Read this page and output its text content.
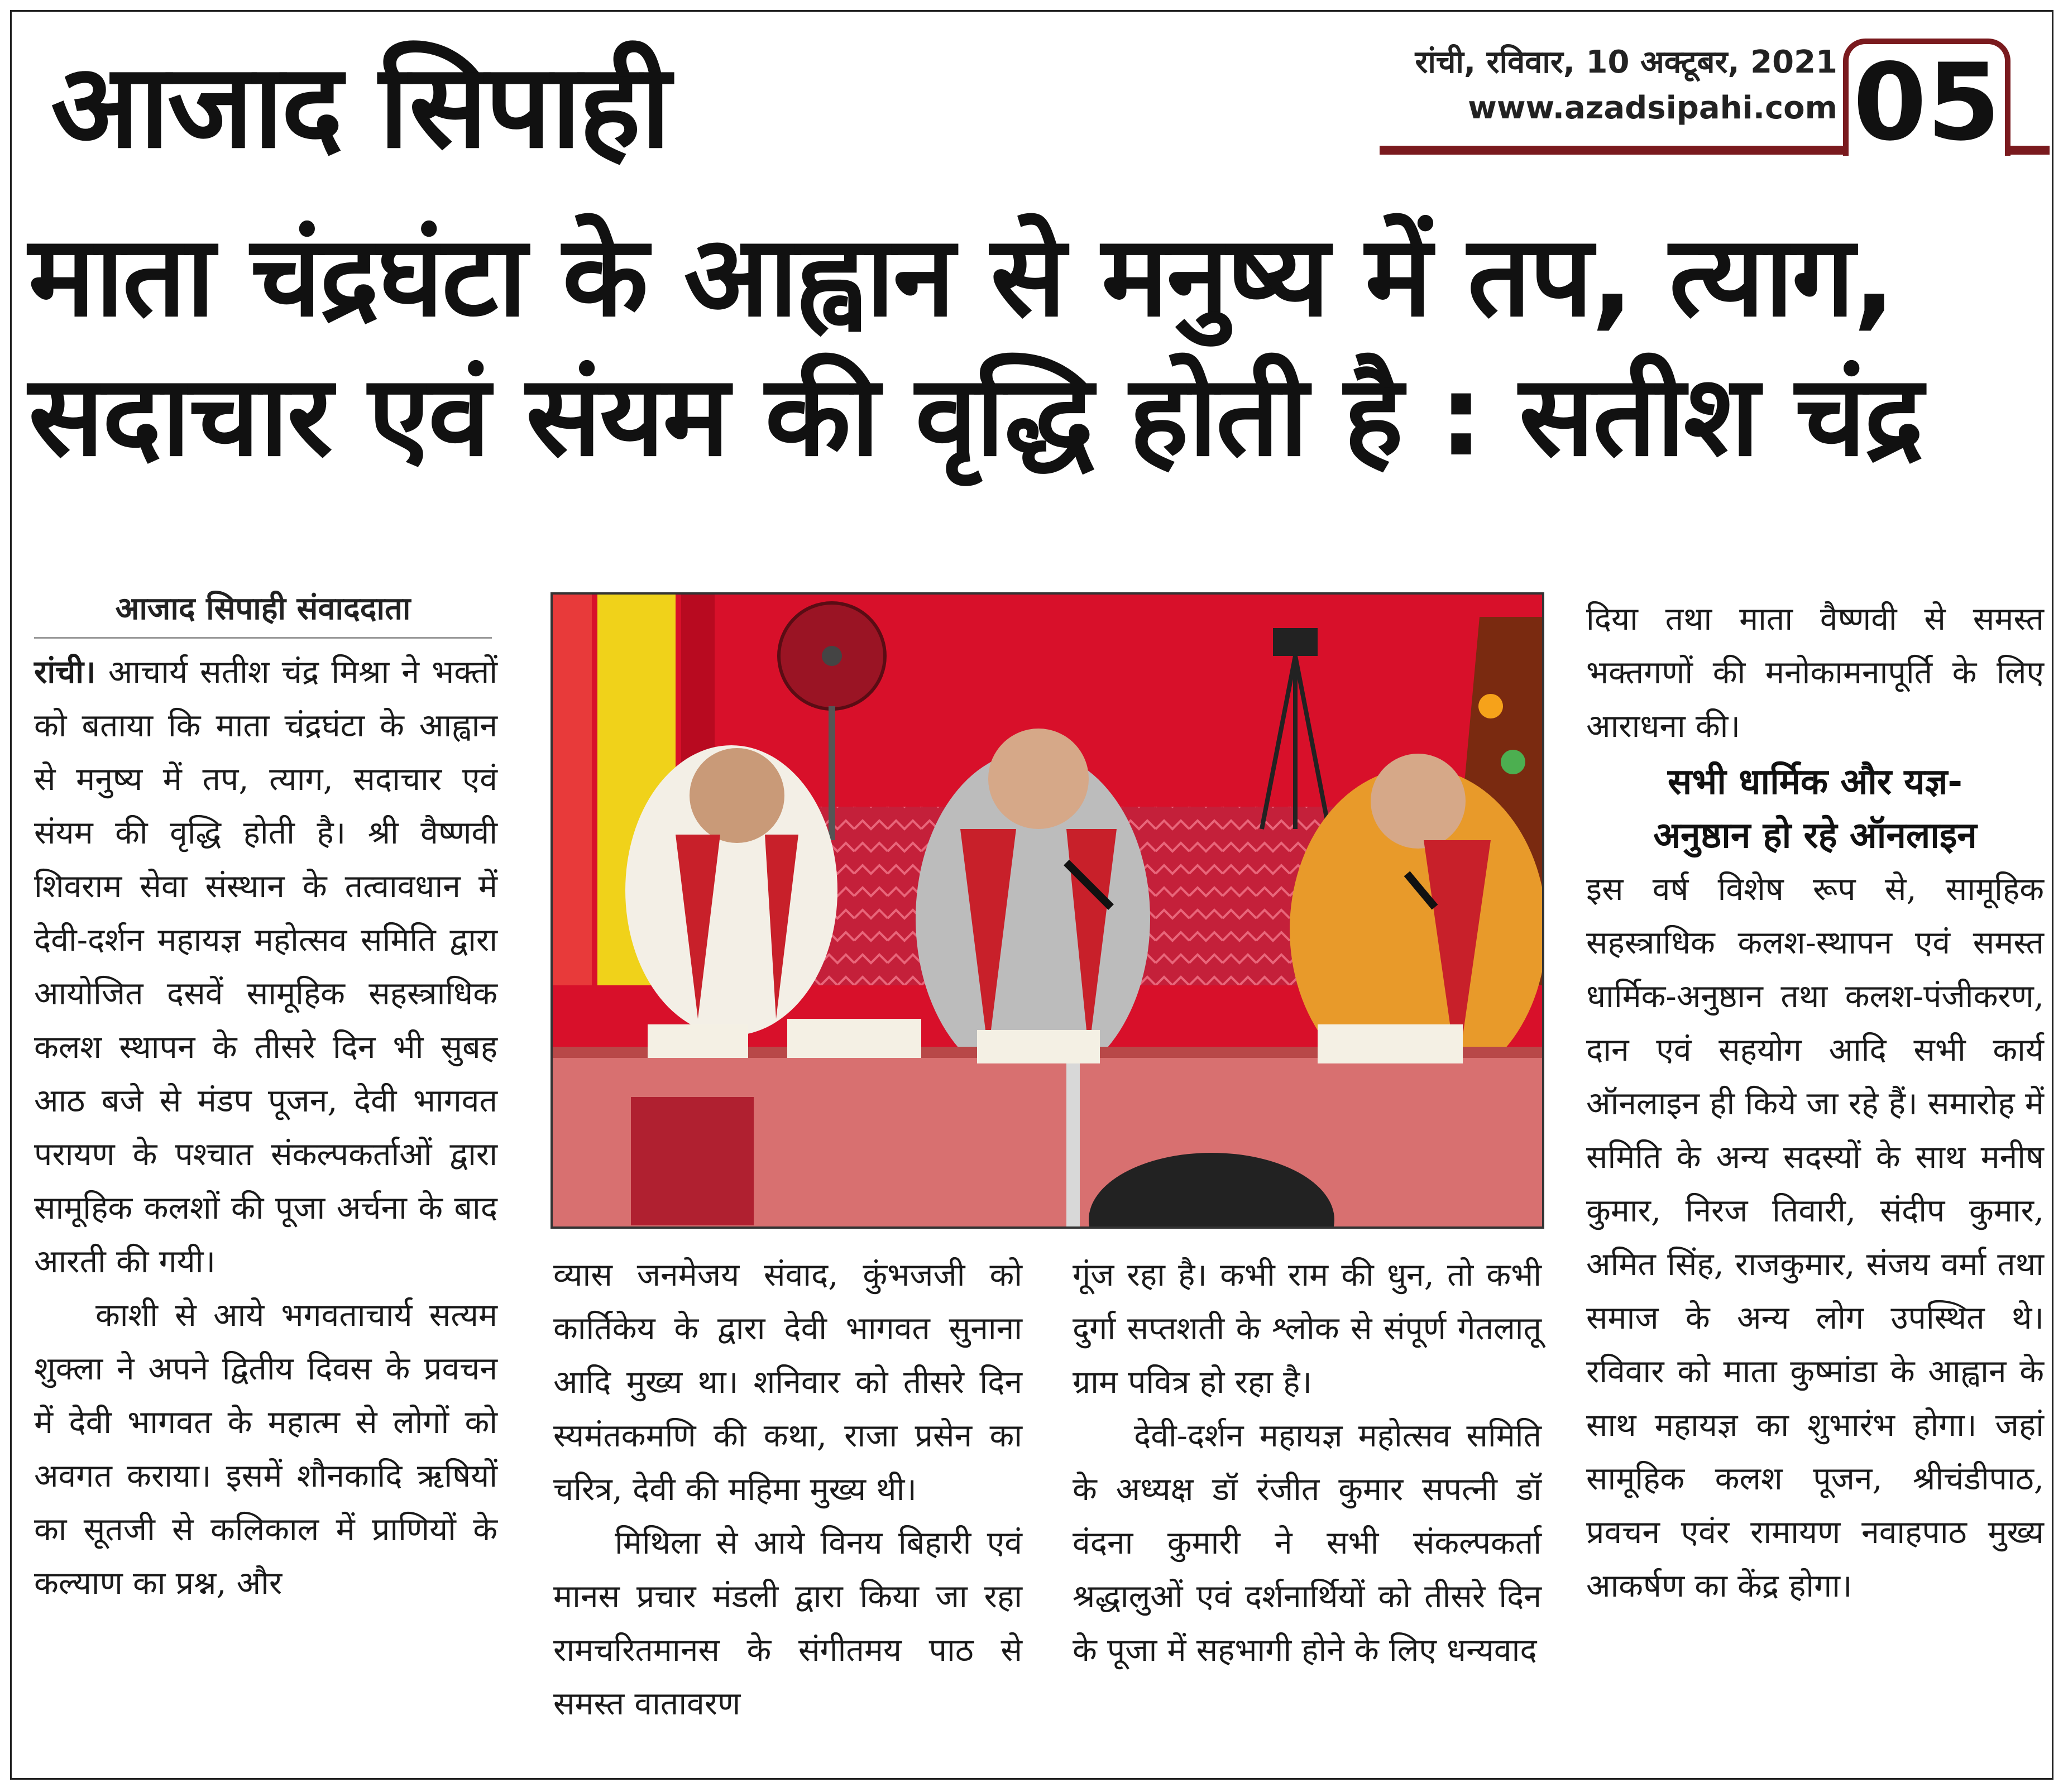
आजाद सिपाही	रांची, रविवार, 10 अक्टूबर, 2021
www.azadsipahi.com 05
माता चंद्रघंटा के आह्वान से मनुष्य में तप, त्याग,
सदाचार एवं संयम की वृद्धि होती है : सतीश चंद्र
आजाद सिपाही संवाददाता

रांची। आचार्य सतीश चंद्र मिश्रा ने भक्तों को बताया कि माता चंद्रघंटा के आह्वान से मनुष्य में तप, त्याग, सदाचार एवं संयम की वृद्धि होती है। श्री वैष्णवी शिवराम सेवा संस्थान के तत्वावधान में देवी-दर्शन महायज्ञ महोत्सव समिति द्वारा आयोजित दसवें सामूहिक सहस्त्राधिक कलश स्थापन के तीसरे दिन भी सुबह आठ बजे से मंडप पूजन, देवी भागवत परायण के पश्चात संकल्पकर्ताओं द्वारा सामूहिक कलशों की पूजा अर्चना के बाद आरती की गयी।

काशी से आये भगवताचार्य सत्यम शुक्ला ने अपने द्वितीय दिवस के प्रवचन में देवी भागवत के महात्म से लोगों को अवगत कराया। इसमें शौनकादि ऋषियों का सूतजी से कलिकाल में प्राणियों के कल्याण का प्रश्न, और

व्यास जनमेजय संवाद, कुंभजजी को कार्तिकेय के द्वारा देवी भागवत सुनाना आदि मुख्य था। शनिवार को तीसरे दिन स्यमंतकमणि की कथा, राजा प्रसेन का चरित्र, देवी की महिमा मुख्य थी।

मिथिला से आये विनय बिहारी एवं मानस प्रचार मंडली द्वारा किया जा रहा रामचरितमानस के संगीतमय पाठ से समस्त वातावरण

गूंज रहा है। कभी राम की धुन, तो कभी दुर्गा सप्तशती के श्लोक से संपूर्ण गेतलातू ग्राम पवित्र हो रहा है।

देवी-दर्शन महायज्ञ महोत्सव समिति के अध्यक्ष डॉ रंजीत कुमार सपत्नी डॉ वंदना कुमारी ने सभी संकल्पकर्ता श्रद्धालुओं एवं दर्शनार्थियों को तीसरे दिन के पूजा में सहभागी होने के लिए धन्यवाद

दिया तथा माता वैष्णवी से समस्त भक्तगणों की मनोकामनापूर्ति के लिए आराधना की।

सभी धार्मिक और यज्ञ-
अनुष्ठान हो रहे ऑनलाइन

इस वर्ष विशेष रूप से, सामूहिक सहस्त्राधिक कलश-स्थापन एवं समस्त धार्मिक-अनुष्ठान तथा कलश-पंजीकरण, दान एवं सहयोग आदि सभी कार्य ऑनलाइन ही किये जा रहे हैं। समारोह में समिति के अन्य सदस्यों के साथ मनीष कुमार, निरज तिवारी, संदीप कुमार, अमित सिंह, राजकुमार, संजय वर्मा तथा समाज के अन्य लोग उपस्थित थे। रविवार को माता कुष्मांडा के आह्वान के साथ महायज्ञ का शुभारंभ होगा। जहां सामूहिक कलश पूजन, श्रीचंडीपाठ, प्रवचन एवंर रामायण नवाहपाठ मुख्य आकर्षण का केंद्र होगा।
